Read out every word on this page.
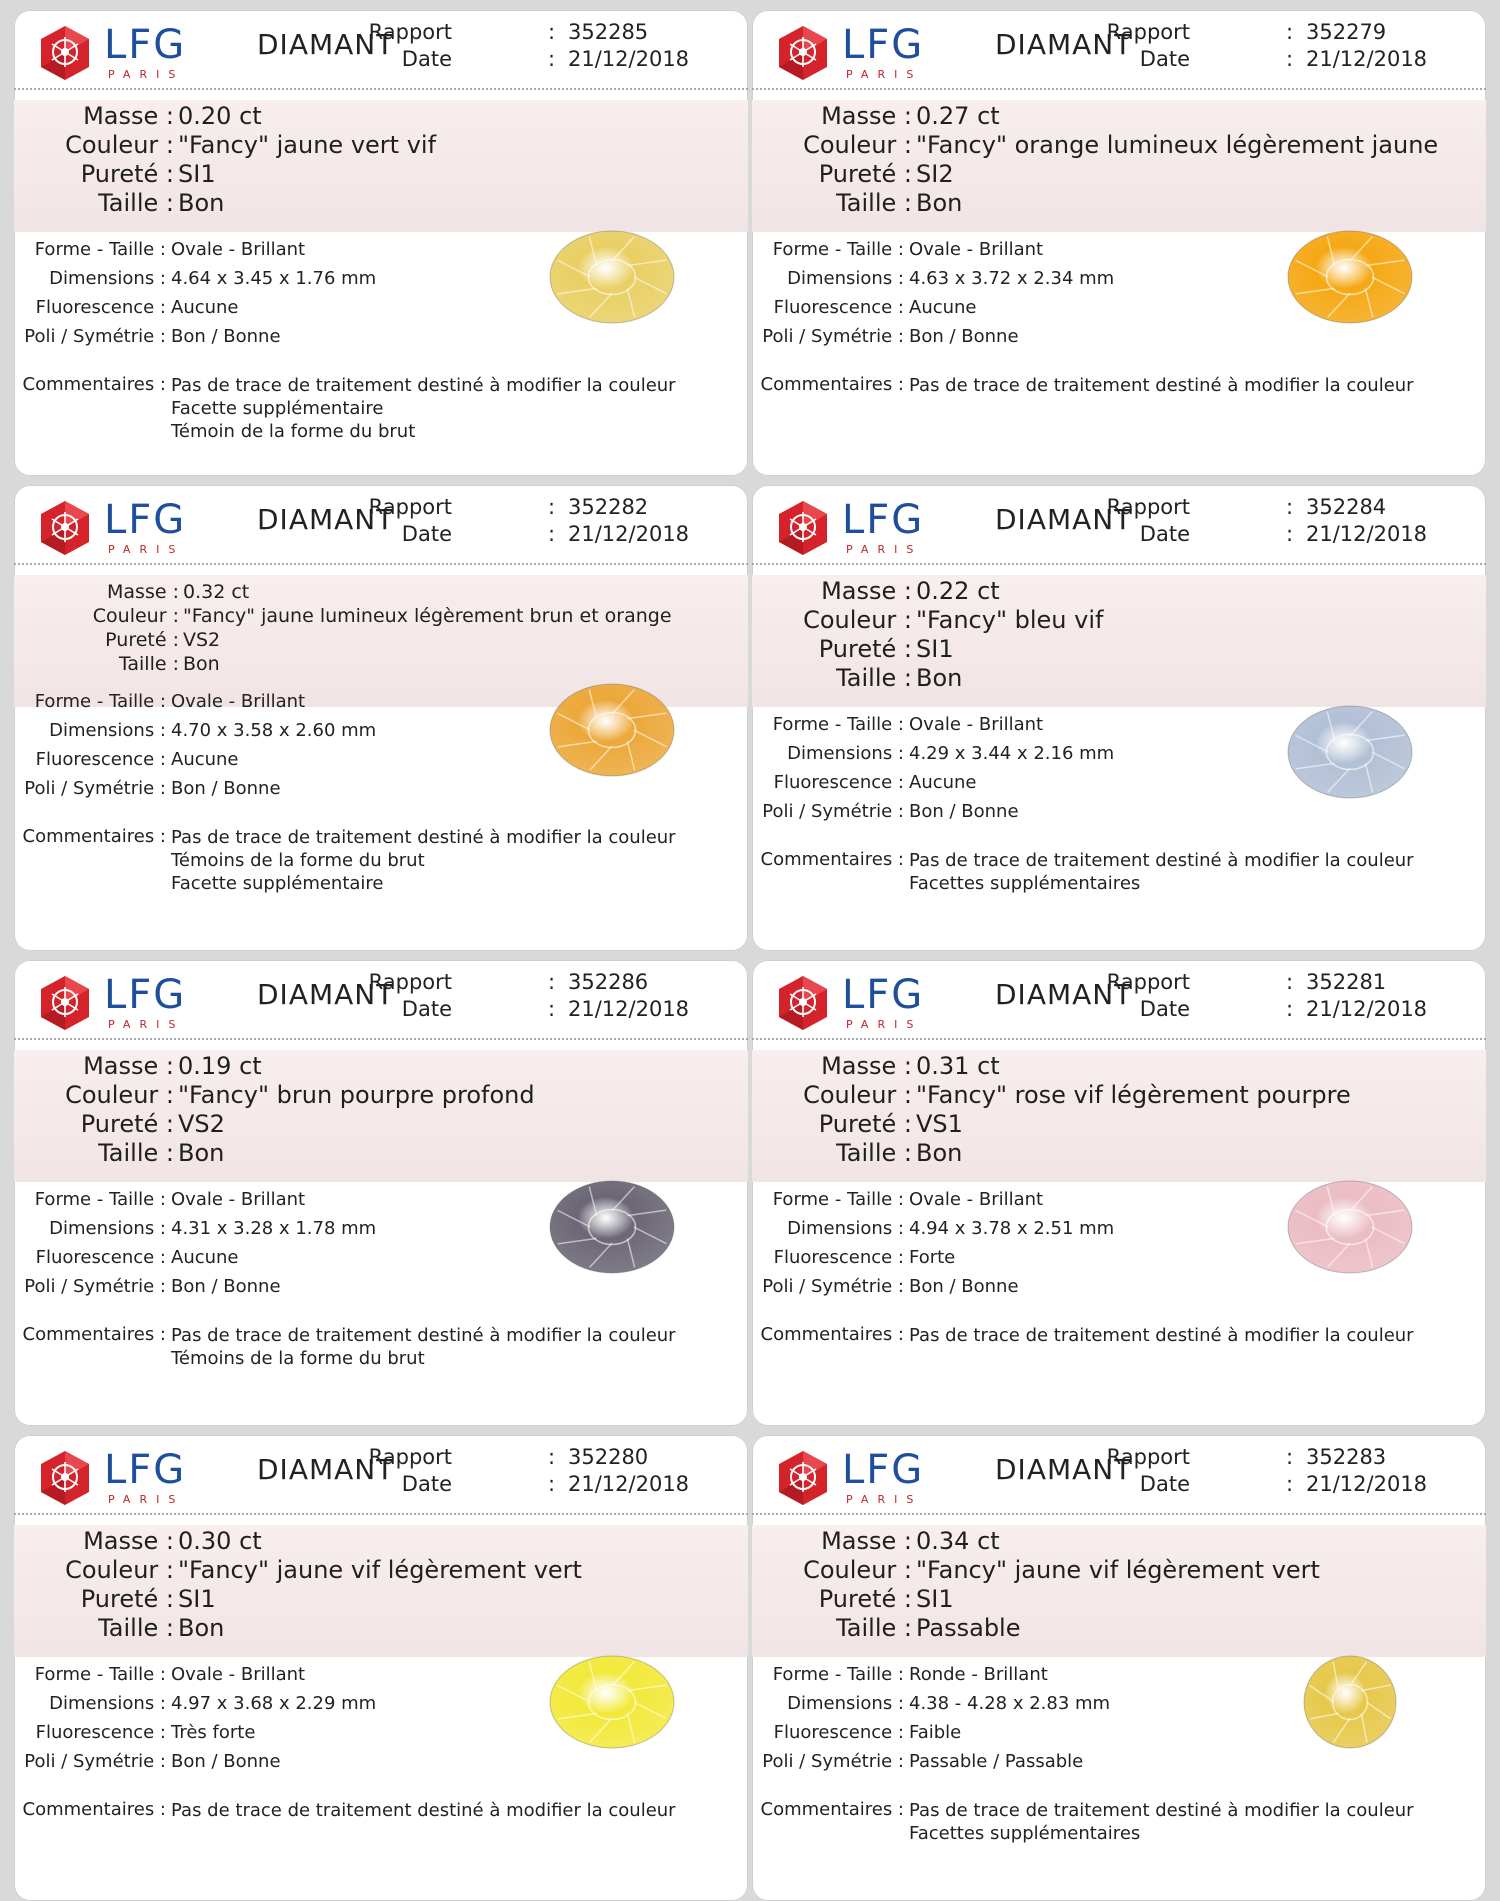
LFG
PARIS
DIAMANT
Rapport	: 352285
Date	: 21/12/2018
Masse : 0.20 ct
Couleur : "Fancy" jaune vert vif
Pureté : SI1
Taille : Bon
Forme - Taille : Ovale - Brillant
Dimensions : 4.64 x 3.45 x 1.76 mm
Fluorescence : Aucune
Poli / Symétrie : Bon / Bonne
Commentaires : Pas de trace de traitement destiné à modifier la couleur
Facette supplémentaire
Témoin de la forme du brut
LFG
PARIS
DIAMANT
Rapport	: 352279
Date	: 21/12/2018
Masse : 0.27 ct
Couleur : "Fancy" orange lumineux légèrement jaune
Pureté : SI2
Taille : Bon
Forme - Taille : Ovale - Brillant
Dimensions : 4.63 x 3.72 x 2.34 mm
Fluorescence : Aucune
Poli / Symétrie : Bon / Bonne
Commentaires : Pas de trace de traitement destiné à modifier la couleur
LFG
PARIS
DIAMANT
Rapport	: 352282
Date	: 21/12/2018
Masse : 0.32 ct
Couleur : "Fancy" jaune lumineux légèrement brun et orange
Pureté : VS2
Taille : Bon
Forme - Taille : Ovale - Brillant
Dimensions : 4.70 x 3.58 x 2.60 mm
Fluorescence : Aucune
Poli / Symétrie : Bon / Bonne
Commentaires : Pas de trace de traitement destiné à modifier la couleur
Témoins de la forme du brut
Facette supplémentaire
LFG
PARIS
DIAMANT
Rapport	: 352284
Date	: 21/12/2018
Masse : 0.22 ct
Couleur : "Fancy" bleu vif
Pureté : SI1
Taille : Bon
Forme - Taille : Ovale - Brillant
Dimensions : 4.29 x 3.44 x 2.16 mm
Fluorescence : Aucune
Poli / Symétrie : Bon / Bonne
Commentaires : Pas de trace de traitement destiné à modifier la couleur
Facettes supplémentaires
LFG
PARIS
DIAMANT
Rapport	: 352286
Date	: 21/12/2018
Masse : 0.19 ct
Couleur : "Fancy" brun pourpre profond
Pureté : VS2
Taille : Bon
Forme - Taille : Ovale - Brillant
Dimensions : 4.31 x 3.28 x 1.78 mm
Fluorescence : Aucune
Poli / Symétrie : Bon / Bonne
Commentaires : Pas de trace de traitement destiné à modifier la couleur
Témoins de la forme du brut
LFG
PARIS
DIAMANT
Rapport	: 352281
Date	: 21/12/2018
Masse : 0.31 ct
Couleur : "Fancy" rose vif légèrement pourpre
Pureté : VS1
Taille : Bon
Forme - Taille : Ovale - Brillant
Dimensions : 4.94 x 3.78 x 2.51 mm
Fluorescence : Forte
Poli / Symétrie : Bon / Bonne
Commentaires : Pas de trace de traitement destiné à modifier la couleur
LFG
PARIS
DIAMANT
Rapport	: 352280
Date	: 21/12/2018
Masse : 0.30 ct
Couleur : "Fancy" jaune vif légèrement vert
Pureté : SI1
Taille : Bon
Forme - Taille : Ovale - Brillant
Dimensions : 4.97 x 3.68 x 2.29 mm
Fluorescence : Très forte
Poli / Symétrie : Bon / Bonne
Commentaires : Pas de trace de traitement destiné à modifier la couleur
LFG
PARIS
DIAMANT
Rapport	: 352283
Date	: 21/12/2018
Masse : 0.34 ct
Couleur : "Fancy" jaune vif légèrement vert
Pureté : SI1
Taille : Passable
Forme - Taille : Ronde - Brillant
Dimensions : 4.38 - 4.28 x 2.83 mm
Fluorescence : Faible
Poli / Symétrie : Passable / Passable
Commentaires : Pas de trace de traitement destiné à modifier la couleur
Facettes supplémentaires
